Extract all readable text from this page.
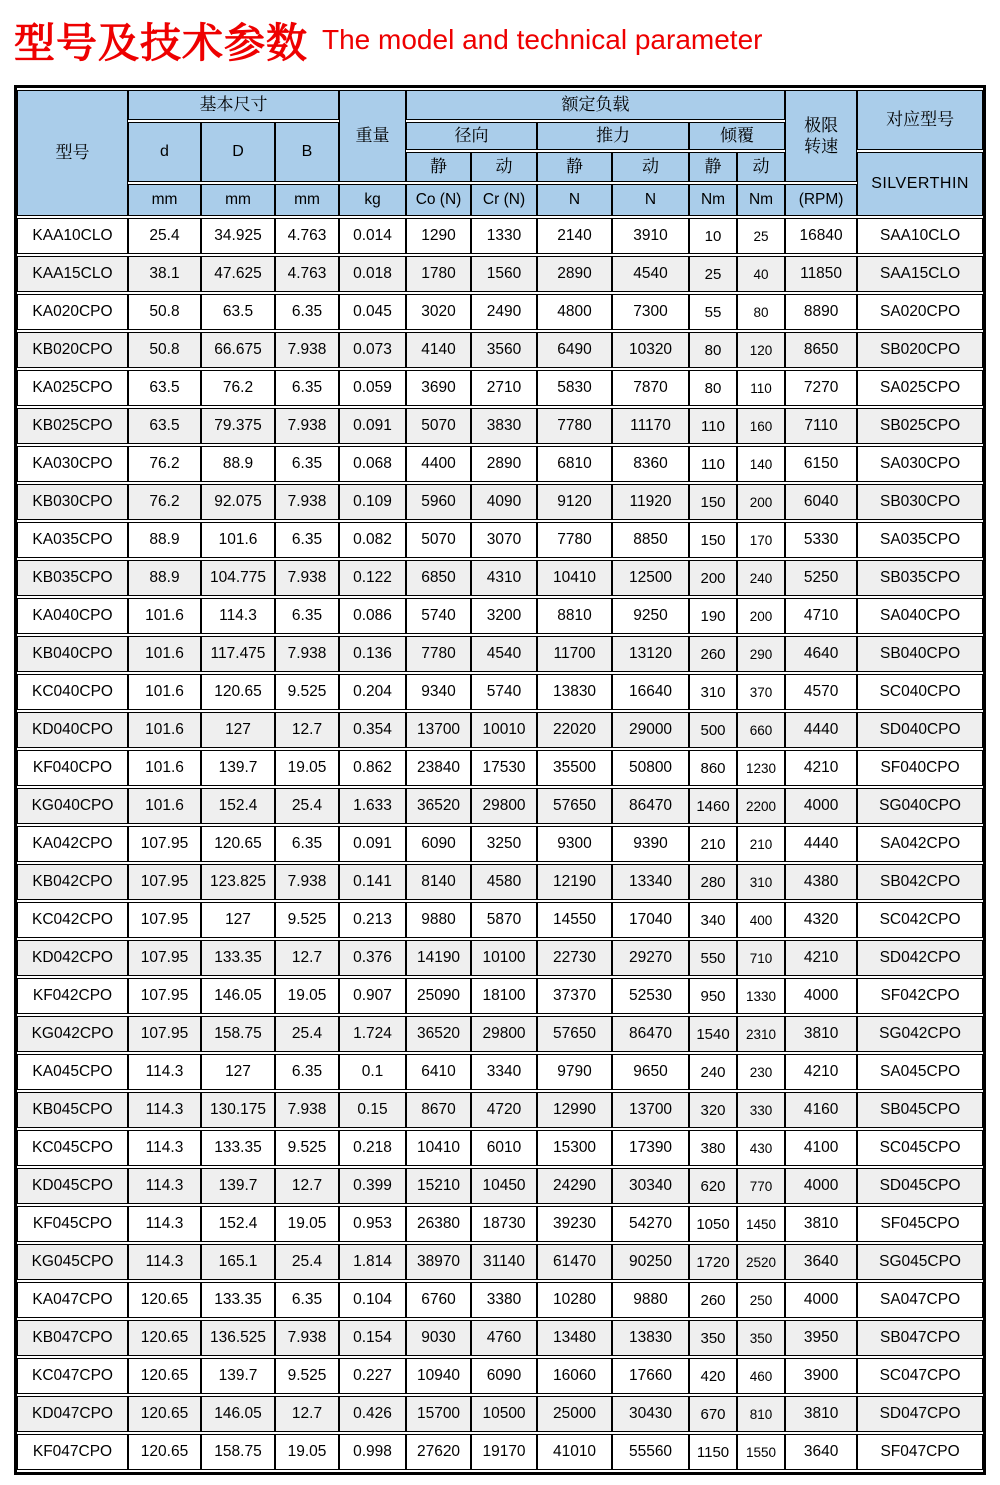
型号及技术参数 The model and technical parameter
型号	基本尺寸			重量	额定负载						极限
转速	对应型号
	d	D	B		径向		推力		倾覆			
					静	动	静	动	静	动		SILVERTHIN
	mm	mm	mm	kg	Co (N)	Cr (N)	N	N	Nm	Nm	(RPM)	
KAA10CLO	25.4	34.925	4.763	0.014	1290	1330	2140	3910	10	25	16840	SAA10CLO
KAA15CLO	38.1	47.625	4.763	0.018	1780	1560	2890	4540	25	40	11850	SAA15CLO
KA020CPO	50.8	63.5	6.35	0.045	3020	2490	4800	7300	55	80	8890	SA020CPO
KB020CPO	50.8	66.675	7.938	0.073	4140	3560	6490	10320	80	120	8650	SB020CPO
KA025CPO	63.5	76.2	6.35	0.059	3690	2710	5830	7870	80	110	7270	SA025CPO
KB025CPO	63.5	79.375	7.938	0.091	5070	3830	7780	11170	110	160	7110	SB025CPO
KA030CPO	76.2	88.9	6.35	0.068	4400	2890	6810	8360	110	140	6150	SA030CPO
KB030CPO	76.2	92.075	7.938	0.109	5960	4090	9120	11920	150	200	6040	SB030CPO
KA035CPO	88.9	101.6	6.35	0.082	5070	3070	7780	8850	150	170	5330	SA035CPO
KB035CPO	88.9	104.775	7.938	0.122	6850	4310	10410	12500	200	240	5250	SB035CPO
KA040CPO	101.6	114.3	6.35	0.086	5740	3200	8810	9250	190	200	4710	SA040CPO
KB040CPO	101.6	117.475	7.938	0.136	7780	4540	11700	13120	260	290	4640	SB040CPO
KC040CPO	101.6	120.65	9.525	0.204	9340	5740	13830	16640	310	370	4570	SC040CPO
KD040CPO	101.6	127	12.7	0.354	13700	10010	22020	29000	500	660	4440	SD040CPO
KF040CPO	101.6	139.7	19.05	0.862	23840	17530	35500	50800	860	1230	4210	SF040CPO
KG040CPO	101.6	152.4	25.4	1.633	36520	29800	57650	86470	1460	2200	4000	SG040CPO
KA042CPO	107.95	120.65	6.35	0.091	6090	3250	9300	9390	210	210	4440	SA042CPO
KB042CPO	107.95	123.825	7.938	0.141	8140	4580	12190	13340	280	310	4380	SB042CPO
KC042CPO	107.95	127	9.525	0.213	9880	5870	14550	17040	340	400	4320	SC042CPO
KD042CPO	107.95	133.35	12.7	0.376	14190	10100	22730	29270	550	710	4210	SD042CPO
KF042CPO	107.95	146.05	19.05	0.907	25090	18100	37370	52530	950	1330	4000	SF042CPO
KG042CPO	107.95	158.75	25.4	1.724	36520	29800	57650	86470	1540	2310	3810	SG042CPO
KA045CPO	114.3	127	6.35	0.1	6410	3340	9790	9650	240	230	4210	SA045CPO
KB045CPO	114.3	130.175	7.938	0.15	8670	4720	12990	13700	320	330	4160	SB045CPO
KC045CPO	114.3	133.35	9.525	0.218	10410	6010	15300	17390	380	430	4100	SC045CPO
KD045CPO	114.3	139.7	12.7	0.399	15210	10450	24290	30340	620	770	4000	SD045CPO
KF045CPO	114.3	152.4	19.05	0.953	26380	18730	39230	54270	1050	1450	3810	SF045CPO
KG045CPO	114.3	165.1	25.4	1.814	38970	31140	61470	90250	1720	2520	3640	SG045CPO
KA047CPO	120.65	133.35	6.35	0.104	6760	3380	10280	9880	260	250	4000	SA047CPO
KB047CPO	120.65	136.525	7.938	0.154	9030	4760	13480	13830	350	350	3950	SB047CPO
KC047CPO	120.65	139.7	9.525	0.227	10940	6090	16060	17660	420	460	3900	SC047CPO
KD047CPO	120.65	146.05	12.7	0.426	15700	10500	25000	30430	670	810	3810	SD047CPO
KF047CPO	120.65	158.75	19.05	0.998	27620	19170	41010	55560	1150	1550	3640	SF047CPO
